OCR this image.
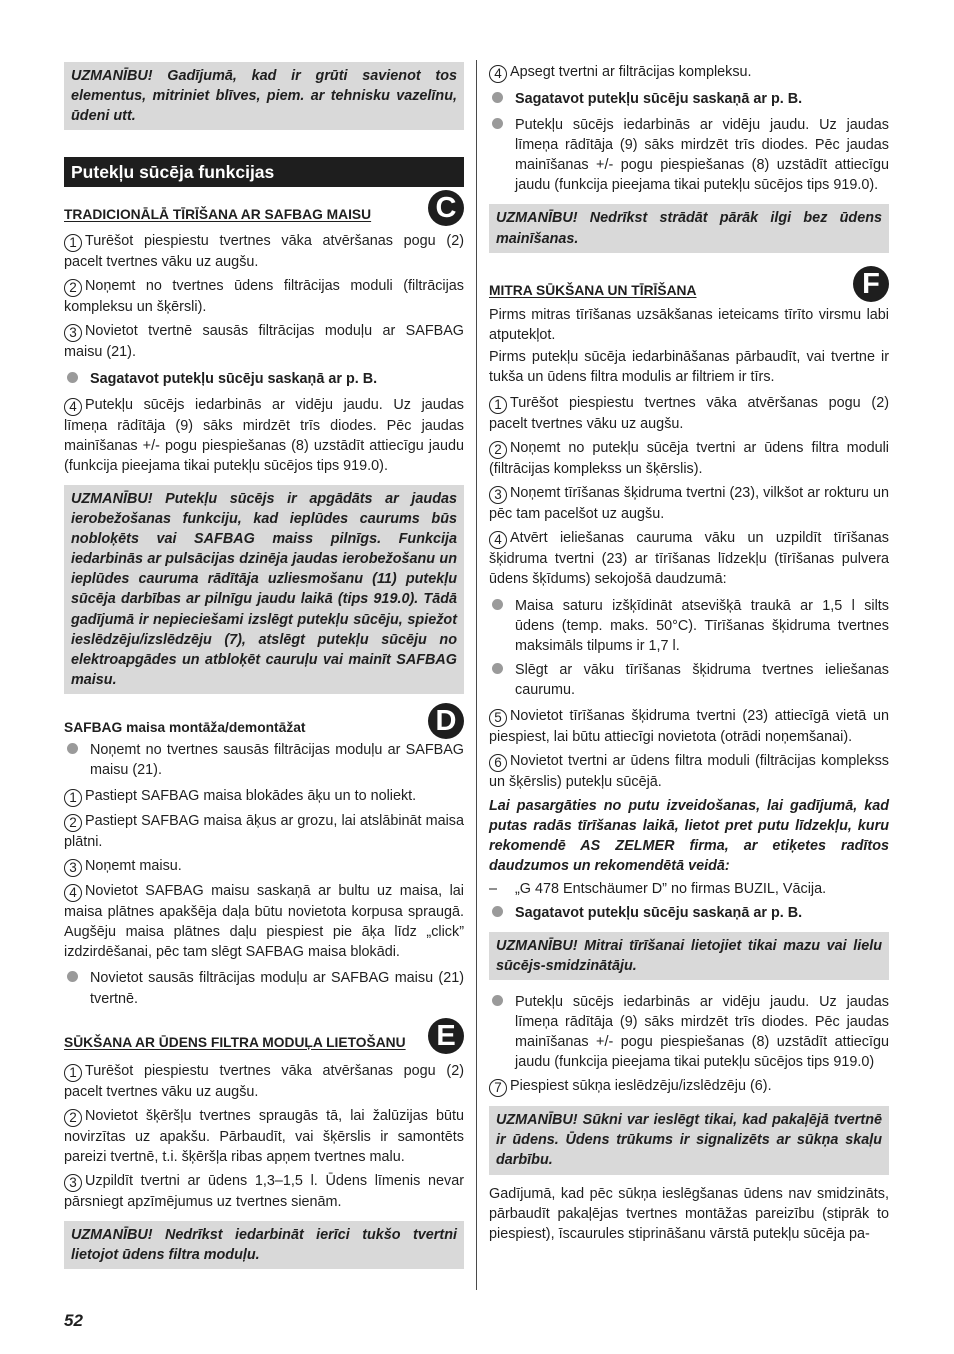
UZMANĪBU! Gadījumā, kad ir grūti savienot tos elementus, mitriniet blīves, piem. ar tehnisku vazelīnu, ūdeni utt.
Putekļu sūcēja funkcijas
TRADICIONĀLĀ TĪRĪŠANA AR SAFBAG MAISU C

1 Turēšot piespiestu tvertnes vāka atvēršanas pogu (2) pacelt tvertnes vāku uz augšu.

2 Noņemt no tvertnes ūdens filtrācijas moduli (filtrācijas kompleksu un šķērsli).

3 Novietot tvertnē sausās filtrācijas moduļu ar SAFBAG maisu (21).

Sagatavot putekļu sūcēju saskaņā ar p. B.

4 Putekļu sūcējs iedarbinās ar vidēju jaudu. Uz jaudas līmeņa rādītāja (9) sāks mirdzēt trīs diodes. Pēc jaudas mainīšanas +/- pogu piespiešanas (8) uzstādīt attiecīgu jaudu (funkcija pieejama tikai putekļu sūcējos tips 919.0).

UZMANĪBU! Putekļu sūcējs ir apgādāts ar jaudas ierobežošanas funkciju, kad ieplūdes caurums būs nobloķēts vai SAFBAG maiss pilnīgs. Funkcija iedarbinās ar pulsācijas dzinēja jaudas ierobežošanu un ieplūdes cauruma rādītāja uzliesmošanu (11) putekļu sūcēja darbības ar pilnīgu jaudu laikā (tips 919.0). Tādā gadījumā ir nepieciešami izslēgt putekļu sūcēju, spiežot ieslēdzēju/izslēdzēju (7), atslēgt putekļu sūcēju no elektroapgādes un atbloķēt cauruļu vai mainīt SAFBAG maisu.
SAFBAG maisa montāža/demontāžat	D
Noņemt no tvertnes sausās filtrācijas moduļu ar SAFBAG maisu (21).

1 Pastiept SAFBAG maisa blokādes āķu un to noliekt.

2 Pastiept SAFBAG maisa āķus ar grozu, lai atslābināt maisa plātni.

3 Noņemt maisu.

4 Novietot SAFBAG maisu saskaņā ar bultu uz maisa, lai maisa plātnes apakšēja daļa būtu novietota korpusa spraugā. Augšēju maisa plātnes daļu piespiest pie āķa līdz „click” izdzirdēšanai, pēc tam slēgt SAFBAG maisa blokādi.

Novietot sausās filtrācijas moduļu ar SAFBAG maisu (21) tvertnē.
SŪKŠANA AR ŪDENS FILTRA MODUĻA LIETOŠANU E

1 Turēšot piespiestu tvertnes vāka atvēršanas pogu (2) pacelt tvertnes vāku uz augšu.

2 Novietot šķēršļu tvertnes spraugās tā, lai žalūzijas būtu novirzītas uz apakšu. Pārbaudīt, vai šķērslis ir samontēts pareizi tvertnē, t.i. šķēršļa ribas apņem tvertnes malu.

3 Uzpildīt tvertni ar ūdens 1,3–1,5 l. Ūdens līmenis nevar pārsniegt apzīmējumus uz tvertnes sienām.

UZMANĪBU! Nedrīkst iedarbināt ierīci tukšo tvertni lietojot ūdens filtra moduļu.

4 Apsegt tvertni ar filtrācijas kompleksu.

Sagatavot putekļu sūcēju saskaņā ar p. B.
Putekļu sūcējs iedarbinās ar vidēju jaudu. Uz jaudas līmeņa rādītāja (9) sāks mirdzēt trīs diodes. Pēc jaudas mainīšanas +/- pogu piespiešanas (8) uzstādīt attiecīgu jaudu (funkcija pieejama tikai putekļu sūcējos tips 919.0).
UZMANĪBU! Nedrīkst strādāt pārāk ilgi bez ūdens mainīšanas.
MITRA SŪKŠANA UN TĪRĪŠANA	F

Pirms mitras tīrīšanas uzsākšanas ieteicams tīrīto virsmu labi atputekļot.

Pirms putekļu sūcēja iedarbināšanas pārbaudīt, vai tvertne ir tukša un ūdens filtra modulis ar filtriem ir tīrs.

1 Turēšot piespiestu tvertnes vāka atvēršanas pogu (2) pacelt tvertnes vāku uz augšu.

2 Noņemt no putekļu sūcēja tvertni ar ūdens filtra moduli (filtrācijas komplekss un šķērslis).

3 Noņemt tīrīšanas šķidruma tvertni (23), vilkšot ar rokturu un pēc tam pacelšot uz augšu.

4 Atvērt ieliešanas cauruma vāku un uzpildīt tīrīšanas šķidruma tvertni (23) ar tīrīšanas līdzekļu (tīrīšanas pulvera ūdens šķīdums) sekojošā daudzumā:

Maisa saturu izšķīdināt atsevišķā traukā ar 1,5 l silts ūdens (temp. maks. 50°C). Tīrīšanas šķidruma tvertnes maksimāls tilpums ir 1,7 l.
Slēgt ar vāku tīrīšanas šķidruma tvertnes ieliešanas caurumu.

5 Novietot tīrīšanas šķidruma tvertni (23) attiecīgā vietā un piespiest, lai būtu attiecīgi novietota (otrādi noņemšanai).

6 Novietot tvertni ar ūdens filtra moduli (filtrācijas komplekss un šķērslis) putekļu sūcējā.

Lai pasargāties no putu izveidošanas, lai gadījumā, kad putas radās tīrīšanas laikā, lietot pret putu līdzekļu, kuru rekomendē AS ZELMER firma, ar etiķetes radītos daudzumos un rekomendētā veidā:

–	„G 478 Entschäumer D” no firmas BUZIL, Vācija.
Sagatavot putekļu sūcēju saskaņā ar p. B.
UZMANĪBU! Mitrai tīrīšanai lietojiet tikai mazu vai lielu sūcējs-smidzinātāju.
Putekļu sūcējs iedarbinās ar vidēju jaudu. Uz jaudas līmeņa rādītāja (9) sāks mirdzēt trīs diodes. Pēc jaudas mainīšanas +/- pogu piespiešanas (8) uzstādīt attiecīgu jaudu (funkcija pieejama tikai putekļu sūcējos tips 919.0)

7 Piespiest sūkņa ieslēdzēju/izslēdzēju (6).

UZMANĪBU! Sūkni var ieslēgt tikai, kad pakaļējā tvertnē ir ūdens. Ūdens trūkums ir signalizēts ar sūkņa skaļu darbību.

Gadījumā, kad pēc sūkņa ieslēgšanas ūdens nav smidzināts, pārbaudīt pakaļējas tvertnes montāžas pareizību (stiprāk to piespiest), īscaurules stiprināšanu vārstā putekļu sūcēja pa-

52
